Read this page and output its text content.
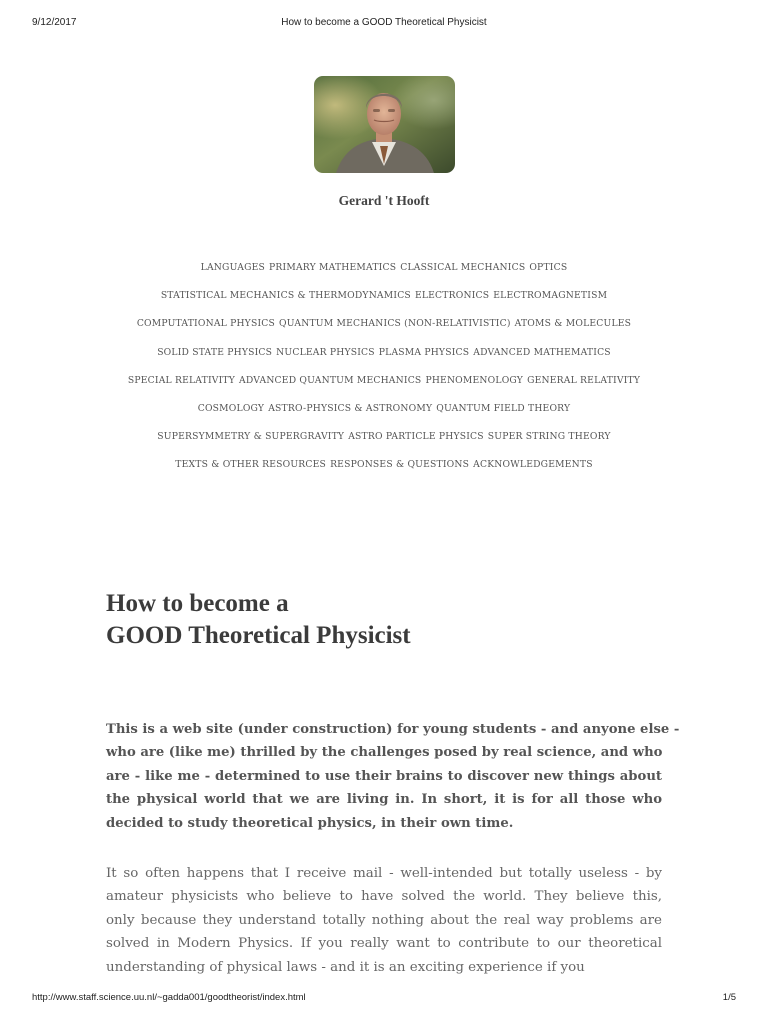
9/12/2017	How to become a GOOD Theoretical Physicist
Gerard 't Hooft
LANGUAGES PRIMARY MATHEMATICS CLASSICAL MECHANICS OPTICS
STATISTICAL MECHANICS & THERMODYNAMICS ELECTRONICS ELECTROMAGNETISM
COMPUTATIONAL PHYSICS QUANTUM MECHANICS (NON-RELATIVISTIC) ATOMS & MOLECULES
SOLID STATE PHYSICS NUCLEAR PHYSICS PLASMA PHYSICS ADVANCED MATHEMATICS
SPECIAL RELATIVITY ADVANCED QUANTUM MECHANICS PHENOMENOLOGY GENERAL RELATIVITY
COSMOLOGY ASTRO-PHYSICS & ASTRONOMY QUANTUM FIELD THEORY
SUPERSYMMETRY & SUPERGRAVITY ASTRO PARTICLE PHYSICS SUPER STRING THEORY
TEXTS & OTHER RESOURCES RESPONSES & QUESTIONS ACKNOWLEDGEMENTS
How to become a
GOOD Theoretical Physicist

This is a web site (under construction) for young students - and anyone else -
who are (like me) thrilled by the challenges posed by real science, and who
are - like me - determined to use their brains to discover new things about
the physical world that we are living in. In short, it is for all those who
decided to study theoretical physics, in their own time.

It so often happens that I receive mail - well-intended but totally useless - by
amateur physicists who believe to have solved the world. They believe this,
only because they understand totally nothing about the real way problems are
solved in Modern Physics. If you really want to contribute to our theoretical
understanding of physical laws - and it is an exciting experience if you

http://www.staff.science.uu.nl/~gadda001/goodtheorist/index.html	1/5
